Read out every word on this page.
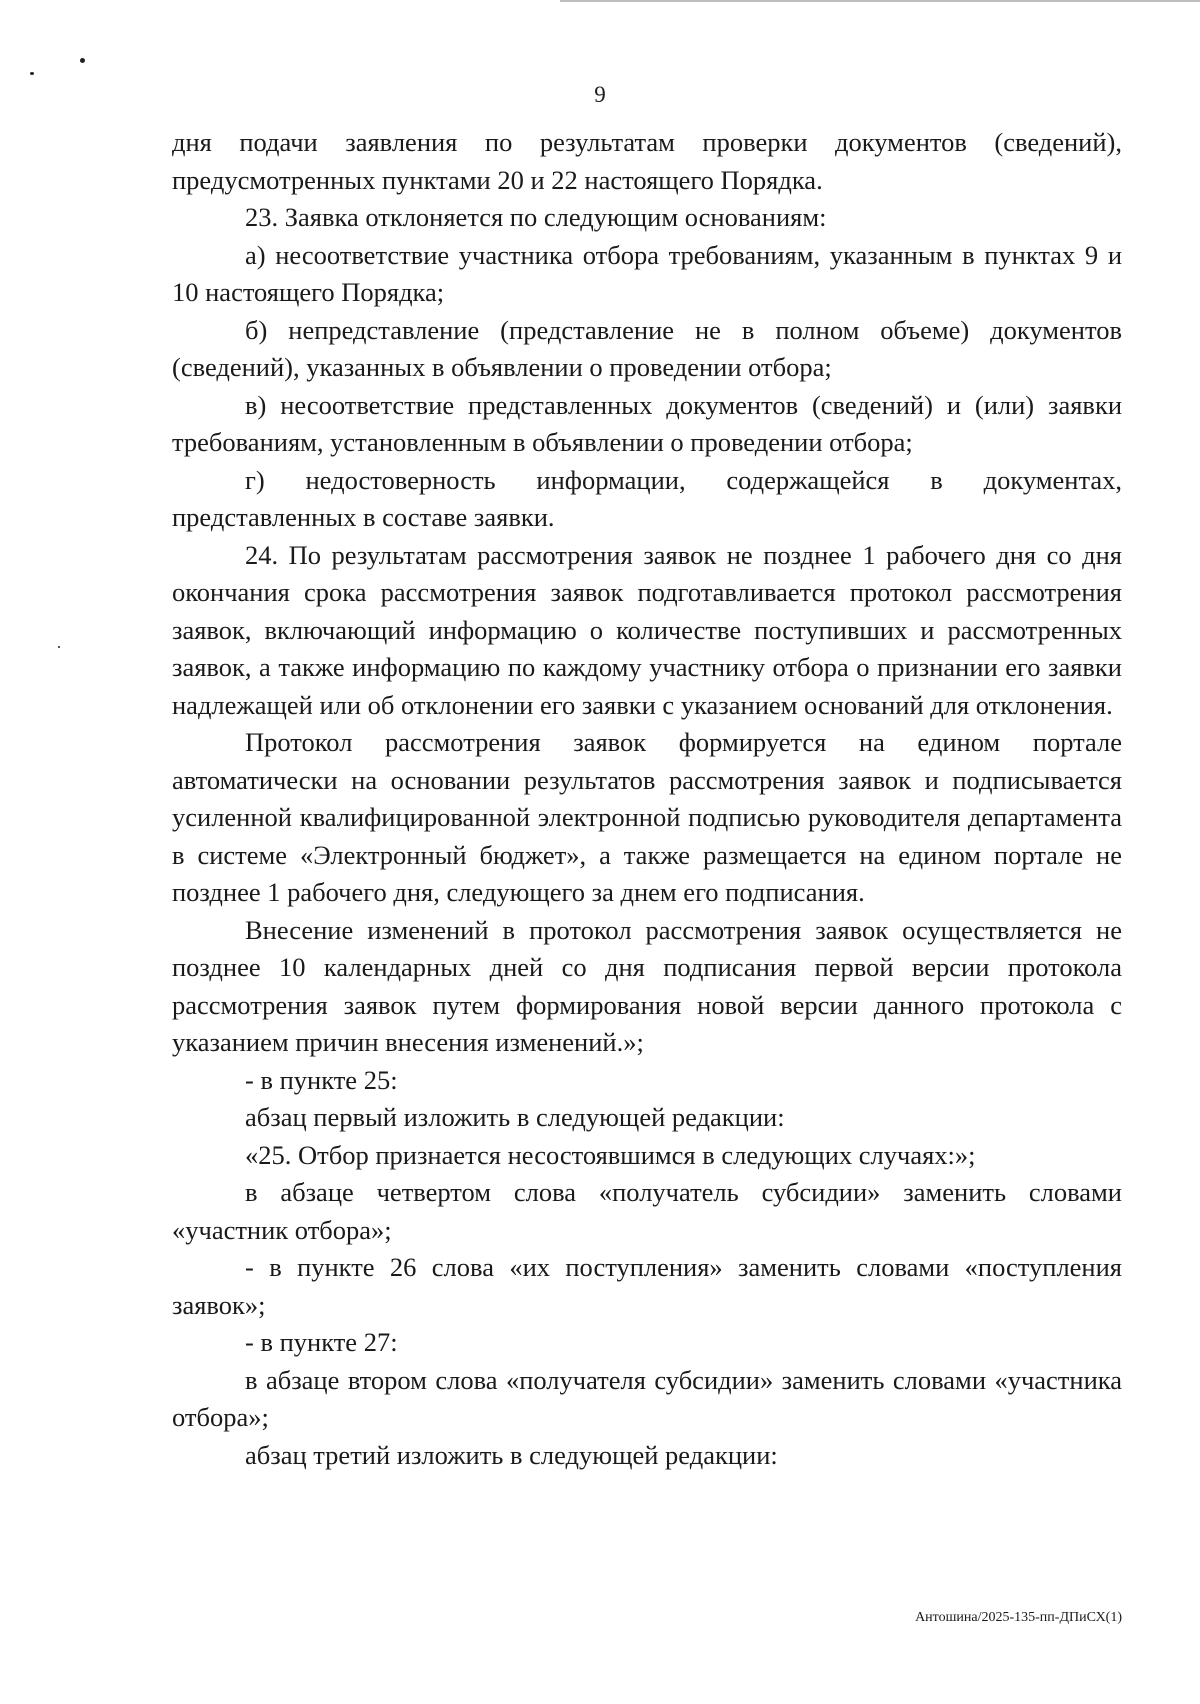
9

дня подачи заявления по результатам проверки документов (сведений), предусмотренных пунктами 20 и 22 настоящего Порядка.

23. Заявка отклоняется по следующим основаниям:

а) несоответствие участника отбора требованиям, указанным в пунктах 9 и 10 настоящего Порядка;

б) непредставление (представление не в полном объеме) документов (сведений), указанных в объявлении о проведении отбора;

в) несоответствие представленных документов (сведений) и (или) заявки требованиям, установленным в объявлении о проведении отбора;

г) недостоверность информации, содержащейся в документах, представленных в составе заявки.

24. По результатам рассмотрения заявок не позднее 1 рабочего дня со дня окончания срока рассмотрения заявок подготавливается протокол рассмотрения заявок, включающий информацию о количестве поступивших и рассмотренных заявок, а также информацию по каждому участнику отбора о признании его заявки надлежащей или об отклонении его заявки с указанием оснований для отклонения.

Протокол рассмотрения заявок формируется на едином портале автоматически на основании результатов рассмотрения заявок и подписывается усиленной квалифицированной электронной подписью руководителя департамента в системе «Электронный бюджет», а также размещается на едином портале не позднее 1 рабочего дня, следующего за днем его подписания.

Внесение изменений в протокол рассмотрения заявок осуществляется не позднее 10 календарных дней со дня подписания первой версии протокола рассмотрения заявок путем формирования новой версии данного протокола с указанием причин внесения изменений.»;

- в пункте 25:

абзац первый изложить в следующей редакции:

«25. Отбор признается несостоявшимся в следующих случаях:»;

в абзаце четвертом слова «получатель субсидии» заменить словами «участник отбора»;

- в пункте 26 слова «их поступления» заменить словами «поступления заявок»;

- в пункте 27:

в абзаце втором слова «получателя субсидии» заменить словами «участника отбора»;

абзац третий изложить в следующей редакции:

Антошина/2025-135-пп-ДПиСХ(1)
